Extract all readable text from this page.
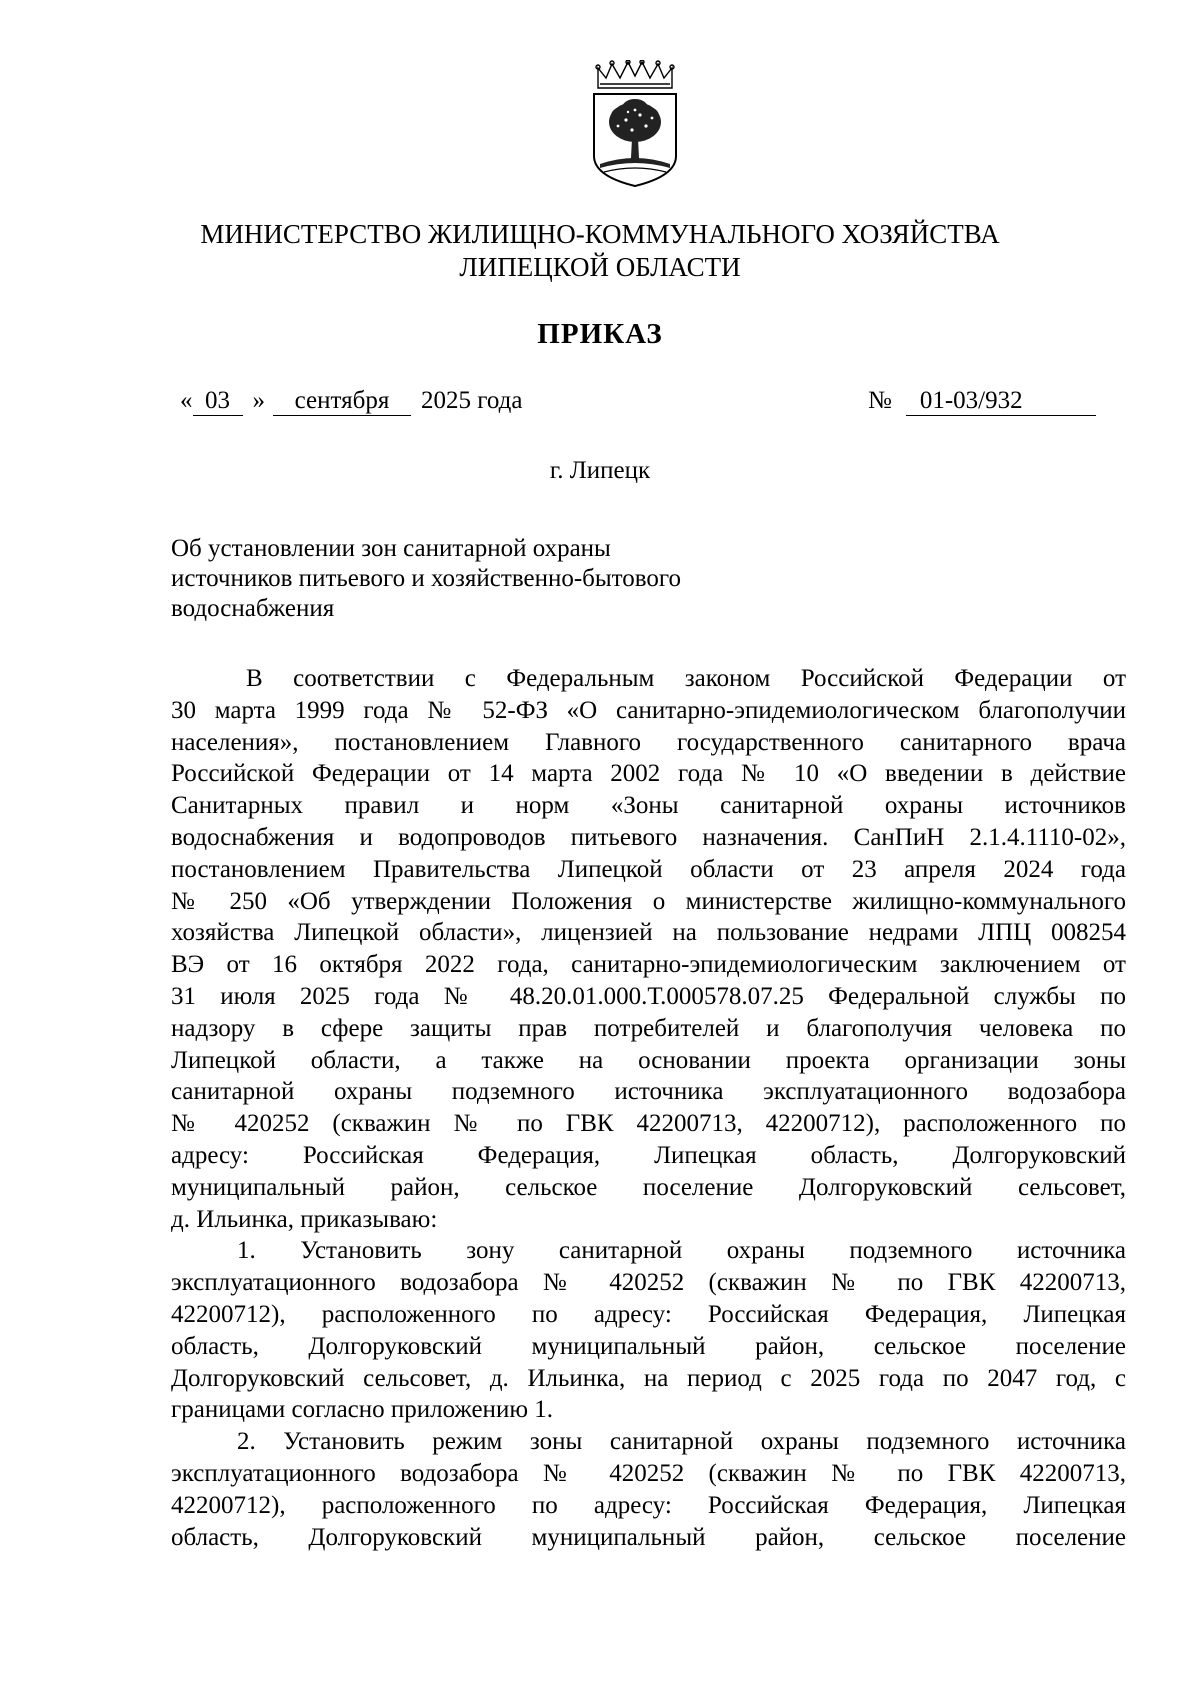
МИНИСТЕРСТВО ЖИЛИЩНО-КОММУНАЛЬНОГО ХОЗЯЙСТВА
ЛИПЕЦКОЙ ОБЛАСТИ
ПРИКАЗ
« 03 » сентября 2025 года	№ 01-03/932
г. Липецк
Об установлении зон санитарной охраны
источников питьевого и хозяйственно-бытового
водоснабжения
В соответствии с Федеральным законом Российской Федерации от
30 марта 1999 года № 52-ФЗ «О санитарно-эпидемиологическом благополучии
населения», постановлением Главного государственного санитарного врача
Российской Федерации от 14 марта 2002 года № 10 «О введении в действие
Санитарных правил и норм «Зоны санитарной охраны источников
водоснабжения и водопроводов питьевого назначения. СанПиН 2.1.4.1110-02»,
постановлением Правительства Липецкой области от 23 апреля 2024 года
№ 250 «Об утверждении Положения о министерстве жилищно-коммунального
хозяйства Липецкой области», лицензией на пользование недрами ЛПЦ 008254
ВЭ от 16 октября 2022 года, санитарно-эпидемиологическим заключением от
31 июля 2025 года № 48.20.01.000.Т.000578.07.25 Федеральной службы по
надзору в сфере защиты прав потребителей и благополучия человека по
Липецкой области, а также на основании проекта организации зоны
санитарной охраны подземного источника эксплуатационного водозабора
№ 420252 (скважин № по ГВК 42200713, 42200712), расположенного по
адресу: Российская Федерация, Липецкая область, Долгоруковский
муниципальный район, сельское поселение Долгоруковский сельсовет,
д. Ильинка, приказываю:
1. Установить зону санитарной охраны подземного источника
эксплуатационного водозабора № 420252 (скважин № по ГВК 42200713,
42200712), расположенного по адресу: Российская Федерация, Липецкая
область, Долгоруковский муниципальный район, сельское поселение
Долгоруковский сельсовет, д. Ильинка, на период с 2025 года по 2047 год, с
границами согласно приложению 1.
2. Установить режим зоны санитарной охраны подземного источника
эксплуатационного водозабора № 420252 (скважин № по ГВК 42200713,
42200712), расположенного по адресу: Российская Федерация, Липецкая
область, Долгоруковский муниципальный район, сельское поселение
